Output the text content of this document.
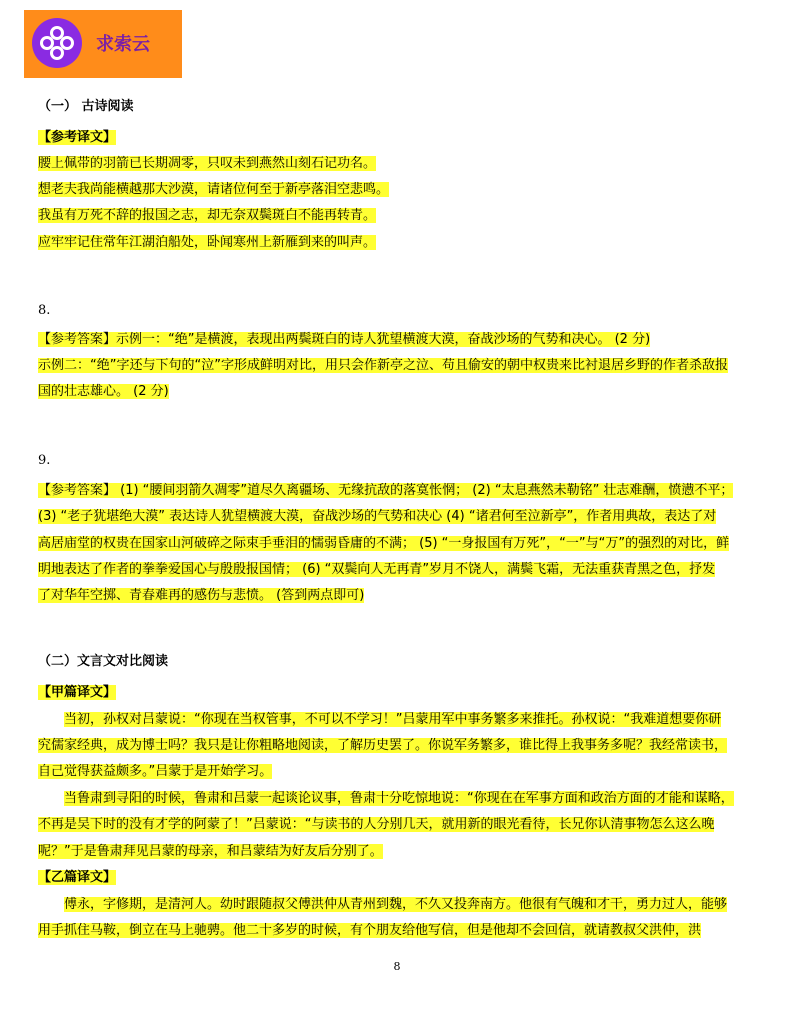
求索云
（一） 古诗阅读
【参考译文】
腰上佩带的羽箭已长期凋零，只叹未到燕然山刻石记功名。
想老夫我尚能横越那大沙漠，请诸位何至于新亭落泪空悲鸣。
我虽有万死不辞的报国之志，却无奈双鬓斑白不能再转青。
应牢牢记住常年江湖泊船处，卧闻寒州上新雁到来的叫声。
8.
【参考答案】示例一：“绝”是横渡，表现出两鬓斑白的诗人犹望横渡大漠，奋战沙场的气势和决心。 (2 分)
示例二：“绝”字还与下句的“泣”字形成鲜明对比，用只会作新亭之泣、苟且偷安的朝中权贵来比衬退居乡野的作者杀敌报
国的壮志雄心。 (2 分)
9.
【参考答案】 (1) “腰间羽箭久凋零”道尽久离疆场、无缘抗敌的落寞怅惘； (2) “太息燕然未勒铭” 壮志难酬，愤懑不平；
(3) “老子犹堪绝大漠” 表达诗人犹望横渡大漠，奋战沙场的气势和决心 (4) “诸君何至泣新亭”，作者用典故，表达了对
高居庙堂的权贵在国家山河破碎之际束手垂泪的懦弱昏庸的不满； (5) “一身报国有万死”，“一”与“万”的强烈的对比，鲜
明地表达了作者的拳拳爱国心与殷殷报国情； (6) “双鬓向人无再青”岁月不饶人，满鬓飞霜，无法重获青黑之色，抒发
了对华年空掷、青春难再的感伤与悲愤。 (答到两点即可)
（二）文言文对比阅读
【甲篇译文】
当初，孙权对吕蒙说：“你现在当权管事，不可以不学习！”吕蒙用军中事务繁多来推托。孙权说：“我难道想要你研
究儒家经典，成为博士吗？我只是让你粗略地阅读，了解历史罢了。你说军务繁多，谁比得上我事务多呢？我经常读书，
自己觉得获益颇多。”吕蒙于是开始学习。
当鲁肃到寻阳的时候，鲁肃和吕蒙一起谈论议事，鲁肃十分吃惊地说：“你现在在军事方面和政治方面的才能和谋略，
不再是吴下时的没有才学的阿蒙了！”吕蒙说：“与读书的人分别几天，就用新的眼光看待，长兄你认清事物怎么这么晚
呢？”于是鲁肃拜见吕蒙的母亲，和吕蒙结为好友后分别了。
【乙篇译文】
傅永，字修期，是清河人。幼时跟随叔父傅洪仲从青州到魏，不久又投奔南方。他很有气魄和才干，勇力过人，能够
用手抓住马鞍，倒立在马上驰骋。他二十多岁的时候，有个朋友给他写信，但是他却不会回信，就请教叔父洪仲，洪
8
